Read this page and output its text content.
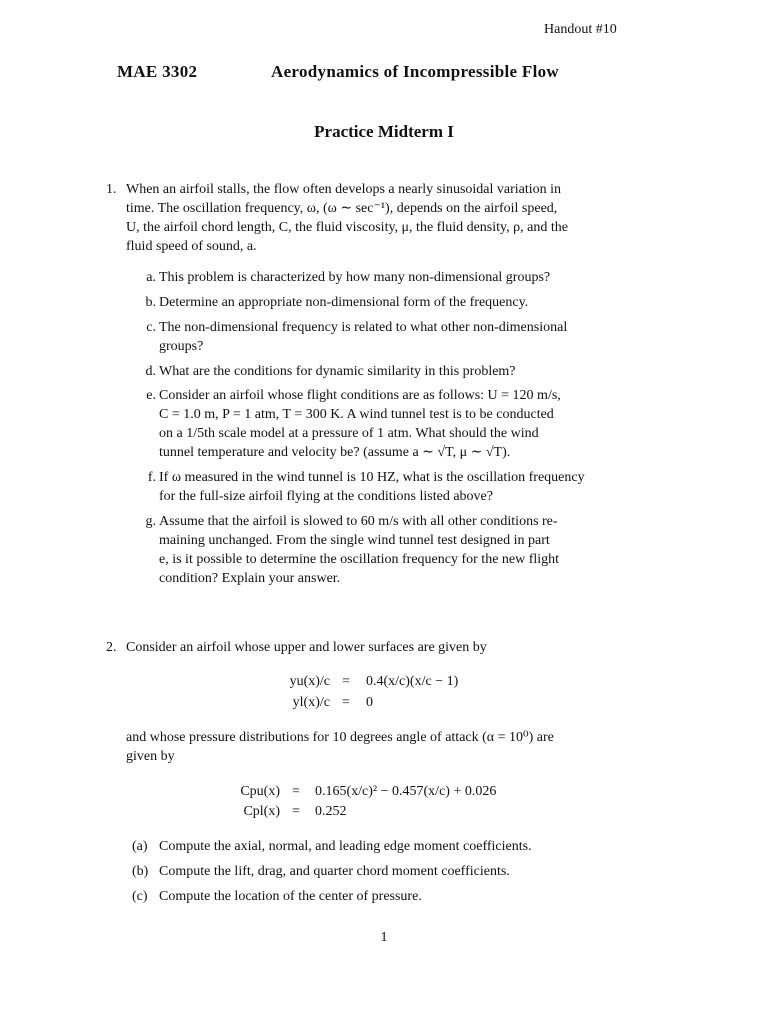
Handout #10
MAE 3302	Aerodynamics of Incompressible Flow
Practice Midterm I
1. When an airfoil stalls, the flow often develops a nearly sinusoidal variation in
time. The oscillation frequency, ω, (ω ∼ sec⁻¹), depends on the airfoil speed,
U, the airfoil chord length, C, the fluid viscosity, μ, the fluid density, ρ, and the
fluid speed of sound, a.
a. This problem is characterized by how many non-dimensional groups?
b. Determine an appropriate non-dimensional form of the frequency.
c. The non-dimensional frequency is related to what other non-dimensional
groups?
d. What are the conditions for dynamic similarity in this problem?
e. Consider an airfoil whose flight conditions are as follows: U = 120 m/s,
C = 1.0 m, P = 1 atm, T = 300 K. A wind tunnel test is to be conducted
on a 1/5th scale model at a pressure of 1 atm. What should the wind
tunnel temperature and velocity be? (assume a ∼ √T, μ ∼ √T).
f. If ω measured in the wind tunnel is 10 HZ, what is the oscillation frequency
for the full-size airfoil flying at the conditions listed above?
g. Assume that the airfoil is slowed to 60 m/s with all other conditions re-
maining unchanged. From the single wind tunnel test designed in part
e, is it possible to determine the oscillation frequency for the new flight
condition? Explain your answer.
2. Consider an airfoil whose upper and lower surfaces are given by
yu(x)/c = 0.4(x/c)(x/c − 1)
yl(x)/c = 0
and whose pressure distributions for 10 degrees angle of attack (α = 10⁰) are
given by
Cpu(x) = 0.165(x/c)² − 0.457(x/c) + 0.026
Cpl(x) = 0.252
(a) Compute the axial, normal, and leading edge moment coefficients.
(b) Compute the lift, drag, and quarter chord moment coefficients.
(c) Compute the location of the center of pressure.
1
